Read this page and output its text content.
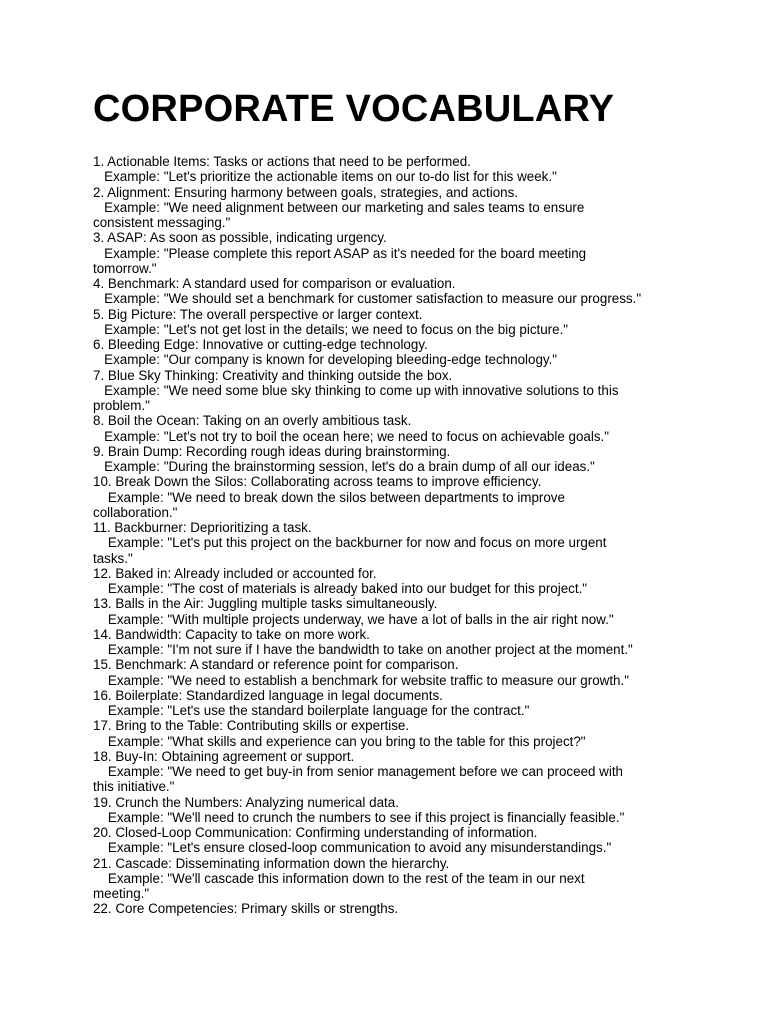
CORPORATE VOCABULARY
1. Actionable Items: Tasks or actions that need to be performed.
Example: "Let's prioritize the actionable items on our to-do list for this week."
2. Alignment: Ensuring harmony between goals, strategies, and actions.
Example: "We need alignment between our marketing and sales teams to ensure
consistent messaging."
3. ASAP: As soon as possible, indicating urgency.
Example: "Please complete this report ASAP as it's needed for the board meeting
tomorrow."
4. Benchmark: A standard used for comparison or evaluation.
Example: "We should set a benchmark for customer satisfaction to measure our progress."
5. Big Picture: The overall perspective or larger context.
Example: "Let's not get lost in the details; we need to focus on the big picture."
6. Bleeding Edge: Innovative or cutting-edge technology.
Example: "Our company is known for developing bleeding-edge technology."
7. Blue Sky Thinking: Creativity and thinking outside the box.
Example: "We need some blue sky thinking to come up with innovative solutions to this
problem."
8. Boil the Ocean: Taking on an overly ambitious task.
Example: "Let's not try to boil the ocean here; we need to focus on achievable goals."
9. Brain Dump: Recording rough ideas during brainstorming.
Example: "During the brainstorming session, let's do a brain dump of all our ideas."
10. Break Down the Silos: Collaborating across teams to improve efficiency.
Example: "We need to break down the silos between departments to improve
collaboration."
11. Backburner: Deprioritizing a task.
Example: "Let's put this project on the backburner for now and focus on more urgent
tasks."
12. Baked in: Already included or accounted for.
Example: "The cost of materials is already baked into our budget for this project."
13. Balls in the Air: Juggling multiple tasks simultaneously.
Example: "With multiple projects underway, we have a lot of balls in the air right now."
14. Bandwidth: Capacity to take on more work.
Example: "I'm not sure if I have the bandwidth to take on another project at the moment."
15. Benchmark: A standard or reference point for comparison.
Example: "We need to establish a benchmark for website traffic to measure our growth."
16. Boilerplate: Standardized language in legal documents.
Example: "Let's use the standard boilerplate language for the contract."
17. Bring to the Table: Contributing skills or expertise.
Example: "What skills and experience can you bring to the table for this project?"
18. Buy-In: Obtaining agreement or support.
Example: "We need to get buy-in from senior management before we can proceed with
this initiative."
19. Crunch the Numbers: Analyzing numerical data.
Example: "We'll need to crunch the numbers to see if this project is financially feasible."
20. Closed-Loop Communication: Confirming understanding of information.
Example: "Let's ensure closed-loop communication to avoid any misunderstandings."
21. Cascade: Disseminating information down the hierarchy.
Example: "We'll cascade this information down to the rest of the team in our next
meeting."
22. Core Competencies: Primary skills or strengths.
